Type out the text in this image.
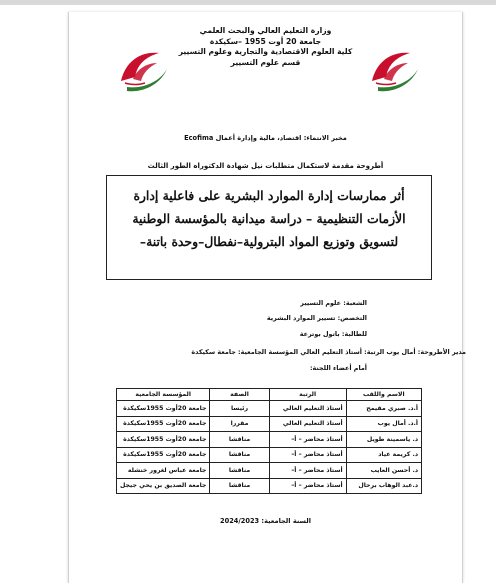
وزارة التعليم العالي والبحث العلمي
جامعة 20 أوت 1955 –سكيكدة
كلية العلوم الاقتصادية والتجارية وعلوم التسيير
قسم علوم التسيير
مخبر الانتماء: اقتصاد، مالية وإدارة أعمال Ecofima
أطروحة مقدمة لاستكمال متطلبات نيل شهادة الدكتوراه الطور الثالث
أثر ممارسات إدارة الموارد البشرية على فاعلية إدارة
الأزمات التنظيمية – دراسة ميدانية بالمؤسسة الوطنية
لتسويق وتوزيع المواد البترولية–نفطال–وحدة باتنة–
الشعبة: علوم التسيير
التخصص: تسيير الموارد البشرية
للطالبة: باتول بوترعة
مدير الأطروحة: أمال يوب الرتبة: أستاذ التعليم العالي المؤسسة الجامعية: جامعة سكيكدة
أمام أعضاء اللجنة:
الاسم واللقب	الرتبة	الصفة	المؤسسة الجامعية
أ.د. صبري مقيمح	أستاذ التعليم العالي	رئيسا	جامعة 20أوت 1955سكيكدة
أ.د. أمال يوب	أستاذ التعليم العالي	مقررا	جامعة 20أوت 1955سكيكدة
د. ياسمينة طويل	أستاذ محاضر – أ–	مناقشا	جامعة 20أوت 1955سكيكدة
د. كريمة عياد	أستاذ محاضر – أ–	مناقشا	جامعة 20أوت 1955سكيكدة
د. أحسن العايب	أستاذ محاضر – أ–	مناقشا	جامعة عباس لغرور خنشلة
د.عبد الوهاب برحال	أستاذ محاضر – أ–	مناقشا	جامعة الصديق بن يحي جيجل
السنة الجامعية: 2024/2023
